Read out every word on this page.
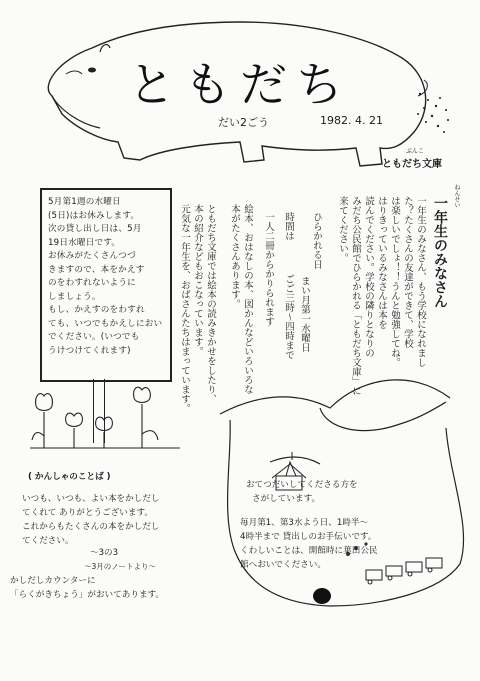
ともだち
だい2ごう	1982. 4. 21
ぶんこ
ともだち文庫
ねんせい
一年生のみなさん
一年生のみなさん、もう学校になれまし
た？たくさんの友達ができて、学校
は楽しいでしょ！！うんと勉強してね。
はりきっているみなさんは本を
読んでください。学校の隣りとなりの
みだち公民館でひらかれる「ともだち文庫」に
来てください。
ひらかれる日
まい月第一水曜日
時間は
ごご三時～四時まで
一人二冊からかりられます
絵本、おはなしの本、図かんなどいろいろな
本がたくさんあります。
ともだち文庫では絵本の読みきかせをしたり、
本の紹介などもおこなっています。
元気な一年生を、おばさんたちはまっています。
5月第1週の水曜日
(5日)はお休みします。
次の貸し出し日は、5月
19日水曜日です。
お休みがたくさんつづ
きますので、本をかえす
のをわすれないように
しましょう。
もし、かえすのをわすれ
ても、いつでもかえしにおい
でください。(いつでも
うけつけてくれます)
( かんしゃのことば )
いつも、いつも、よい本をかしだし
てくれて ありがとうございます。
これからもたくさんの本をかしだし
てください。
～3の3
～3月のノートより～
かしだしカウンターに
「らくがきちょう」がおいてあります。
おてつだいしてくださる方を
さがしています。
毎月第1、第3水よう日、1時半～
4時半まで 貸出しのお手伝いです。
くわしいことは、開館時に葉田公民
館へおいでください。
